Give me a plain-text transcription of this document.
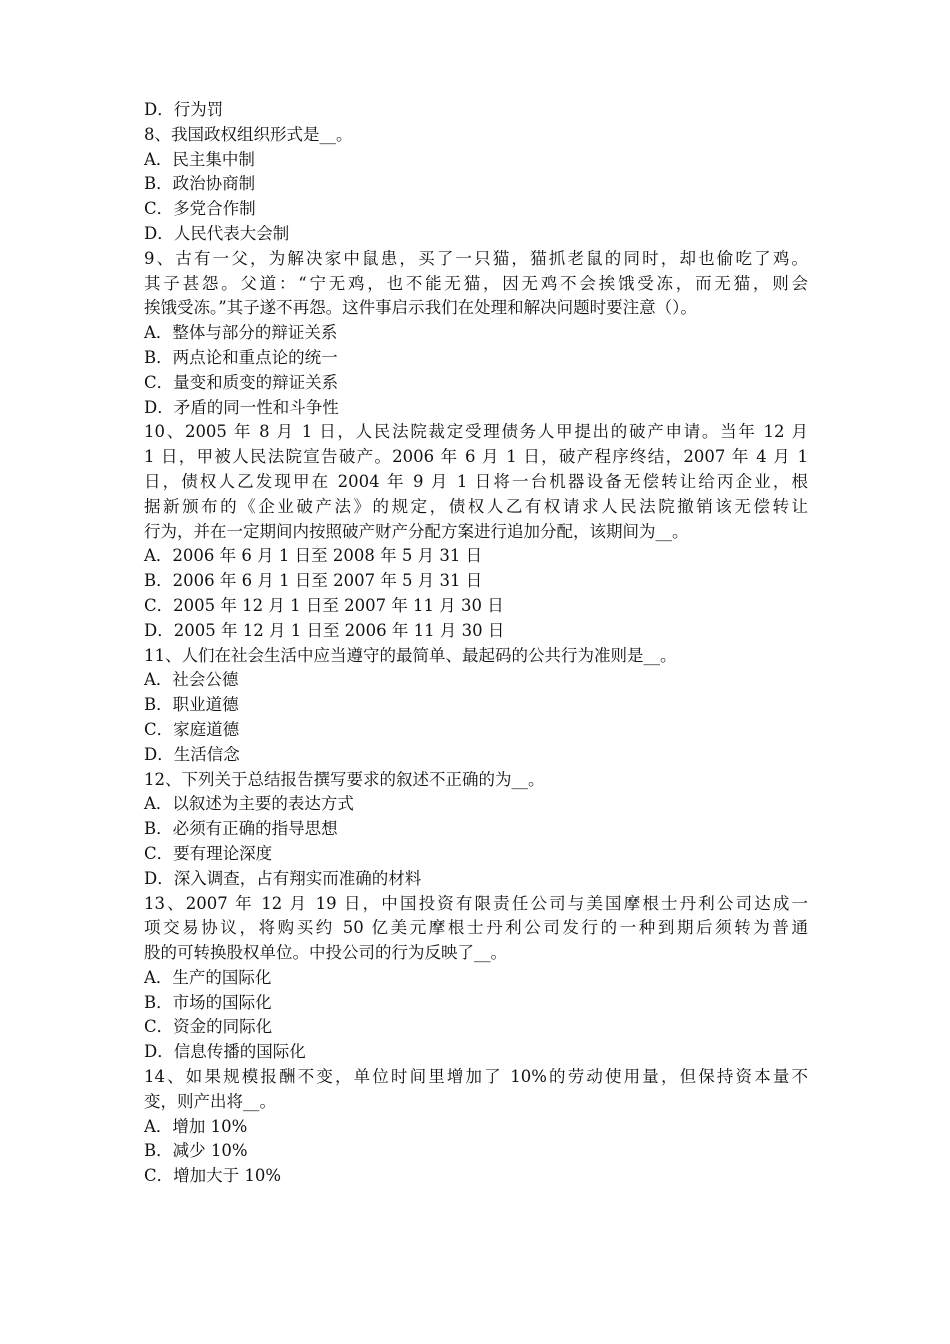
D．行为罚
8、我国政权组织形式是__。
A．民主集中制
B．政治协商制
C．多党合作制
D．人民代表大会制
9、古有一父，为解决家中鼠患，买了一只猫，猫抓老鼠的同时，却也偷吃了鸡。
其子甚怨。父道：“宁无鸡，也不能无猫，因无鸡不会挨饿受冻，而无猫，则会
挨饿受冻。”其子遂不再怨。这件事启示我们在处理和解决问题时要注意（）。
A．整体与部分的辩证关系
B．两点论和重点论的统一
C．量变和质变的辩证关系
D．矛盾的同一性和斗争性
10、2005 年 8 月 1 日，人民法院裁定受理债务人甲提出的破产申请。当年 12 月
1 日，甲被人民法院宣告破产。2006 年 6 月 1 日，破产程序终结，2007 年 4 月 1
日，债权人乙发现甲在 2004 年 9 月 1 日将一台机器设备无偿转让给丙企业，根
据新颁布的《企业破产法》的规定，债权人乙有权请求人民法院撤销该无偿转让
行为，并在一定期间内按照破产财产分配方案进行追加分配，该期间为__。
A．2006 年 6 月 1 日至 2008 年 5 月 31 日
B．2006 年 6 月 1 日至 2007 年 5 月 31 日
C．2005 年 12 月 1 日至 2007 年 11 月 30 日
D．2005 年 12 月 1 日至 2006 年 11 月 30 日
11、人们在社会生活中应当遵守的最简单、最起码的公共行为准则是__。
A．社会公德
B．职业道德
C．家庭道德
D．生活信念
12、下列关于总结报告撰写要求的叙述不正确的为__。
A．以叙述为主要的表达方式
B．必须有正确的指导思想
C．要有理论深度
D．深入调查，占有翔实而准确的材料
13、2007 年 12 月 19 日，中国投资有限责任公司与美国摩根士丹利公司达成一
项交易协议，将购买约 50 亿美元摩根士丹利公司发行的一种到期后须转为普通
股的可转换股权单位。中投公司的行为反映了__。
A．生产的国际化
B．市场的国际化
C．资金的同际化
D．信息传播的国际化
14、如果规模报酬不变，单位时间里增加了 10%的劳动使用量，但保持资本量不
变，则产出将__。
A．增加 10%
B．减少 10%
C．增加大于 10%
